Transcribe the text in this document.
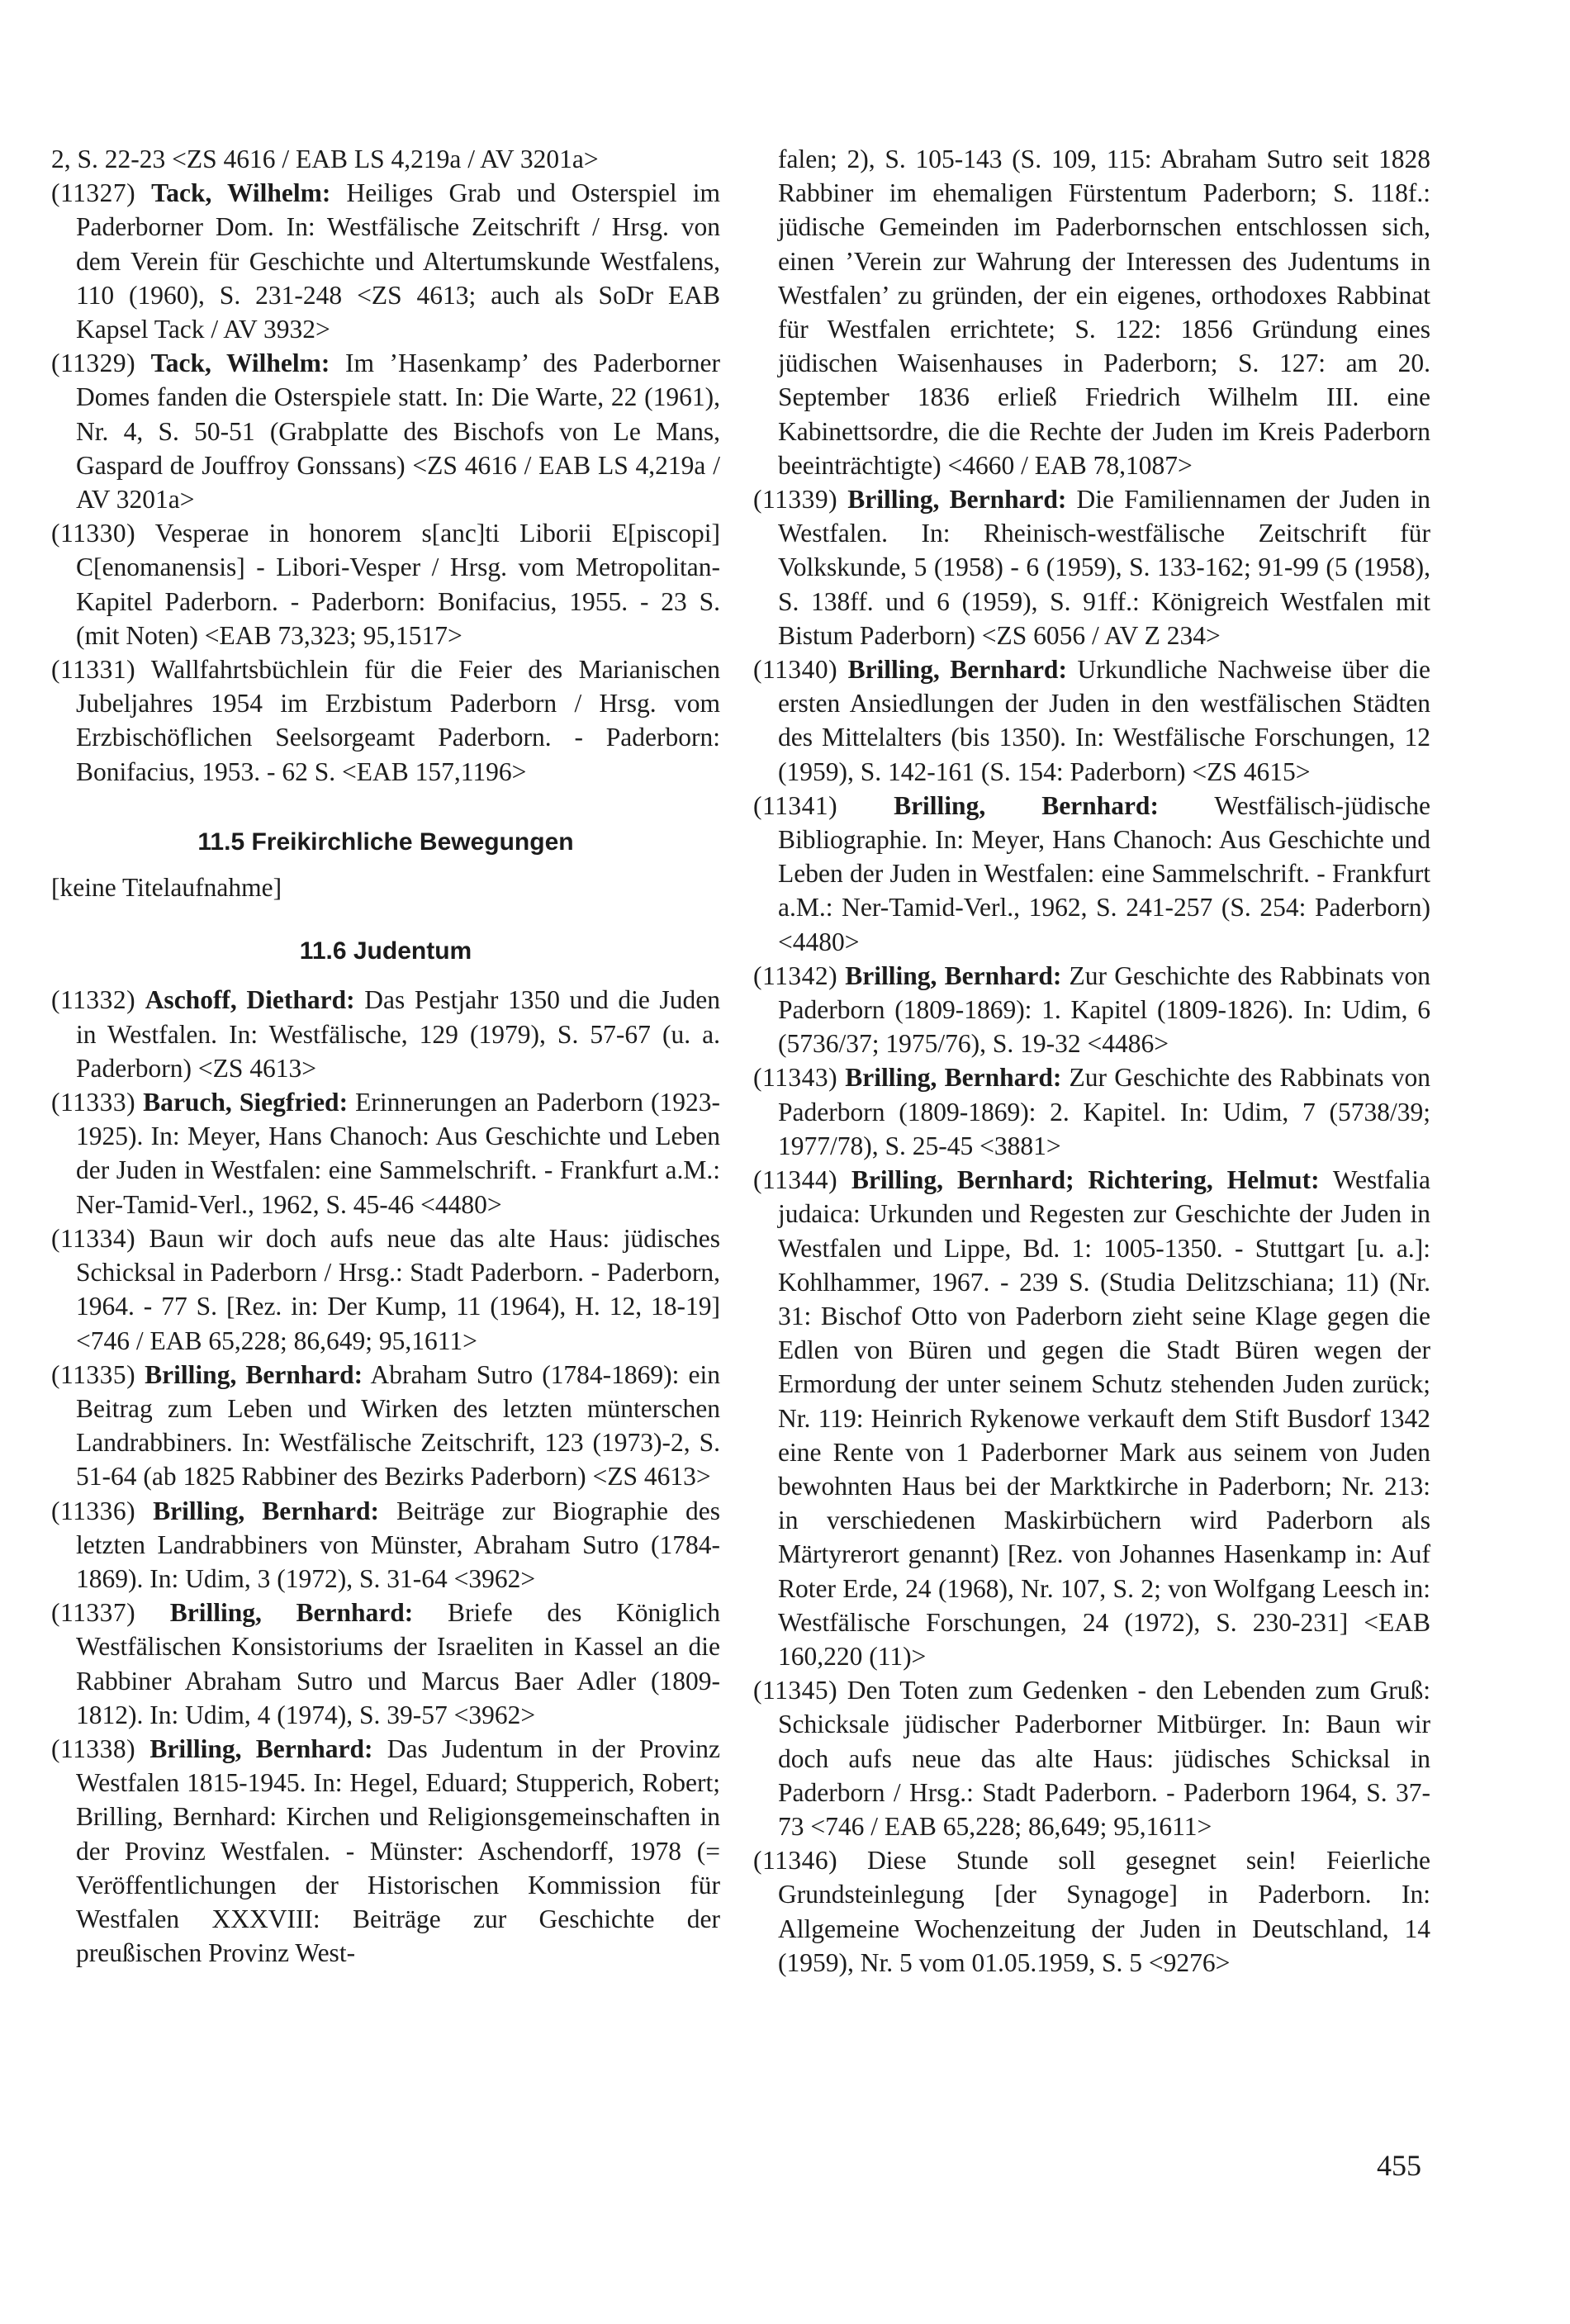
2, S. 22-23 <ZS 4616 / EAB LS 4,219a / AV 3201a>

(11327) Tack, Wilhelm: Heiliges Grab und Osterspiel im Paderborner Dom. In: Westfälische Zeitschrift / Hrsg. von dem Verein für Geschichte und Altertumskunde Westfalens, 110 (1960), S. 231-248 <ZS 4613; auch als SoDr EAB Kapsel Tack / AV 3932>

(11329) Tack, Wilhelm: Im ’Hasenkamp’ des Paderborner Domes fanden die Osterspiele statt. In: Die Warte, 22 (1961), Nr. 4, S. 50-51 (Grabplatte des Bischofs von Le Mans, Gaspard de Jouffroy Gonssans) <ZS 4616 / EAB LS 4,219a / AV 3201a>

(11330) Vesperae in honorem s[anc]ti Liborii E[piscopi] C[enomanensis] - Libori-Vesper / Hrsg. vom Metropolitan-Kapitel Paderborn. - Paderborn: Bonifacius, 1955. - 23 S. (mit Noten) <EAB 73,323; 95,1517>

(11331) Wallfahrtsbüchlein für die Feier des Marianischen Jubeljahres 1954 im Erzbistum Paderborn / Hrsg. vom Erzbischöflichen Seelsorgeamt Paderborn. - Paderborn: Bonifacius, 1953. - 62 S. <EAB 157,1196>

11.5 Freikirchliche Bewegungen

[keine Titelaufnahme]

11.6 Judentum

(11332) Aschoff, Diethard: Das Pestjahr 1350 und die Juden in Westfalen. In: Westfälische, 129 (1979), S. 57-67 (u. a. Paderborn) <ZS 4613>

(11333) Baruch, Siegfried: Erinnerungen an Paderborn (1923-1925). In: Meyer, Hans Chanoch: Aus Geschichte und Leben der Juden in Westfalen: eine Sammelschrift. - Frankfurt a.M.: Ner-Tamid-Verl., 1962, S. 45-46 <4480>

(11334) Baun wir doch aufs neue das alte Haus: jüdisches Schicksal in Paderborn / Hrsg.: Stadt Paderborn. - Paderborn, 1964. - 77 S. [Rez. in: Der Kump, 11 (1964), H. 12, 18-19] <746 / EAB 65,228; 86,649; 95,1611>

(11335) Brilling, Bernhard: Abraham Sutro (1784-1869): ein Beitrag zum Leben und Wirken des letzten münterschen Landrabbiners. In: Westfälische Zeitschrift, 123 (1973)-2, S. 51-64 (ab 1825 Rabbiner des Bezirks Paderborn) <ZS 4613>

(11336) Brilling, Bernhard: Beiträge zur Biographie des letzten Landrabbiners von Münster, Abraham Sutro (1784-1869). In: Udim, 3 (1972), S. 31-64 <3962>

(11337) Brilling, Bernhard: Briefe des Königlich Westfälischen Konsistoriums der Israeliten in Kassel an die Rabbiner Abraham Sutro und Marcus Baer Adler (1809-1812). In: Udim, 4 (1974), S. 39-57 <3962>

(11338) Brilling, Bernhard: Das Judentum in der Provinz Westfalen 1815-1945. In: Hegel, Eduard; Stupperich, Robert; Brilling, Bernhard: Kirchen und Religionsgemeinschaften in der Provinz Westfalen. - Münster: Aschendorff, 1978 (= Veröffentlichungen der Historischen Kommission für Westfalen XXXVIII: Beiträge zur Geschichte der preußischen Provinz West-

falen; 2), S. 105-143 (S. 109, 115: Abraham Sutro seit 1828 Rabbiner im ehemaligen Fürstentum Paderborn; S. 118f.: jüdische Gemeinden im Paderbornschen entschlossen sich, einen ’Verein zur Wahrung der Interessen des Judentums in Westfalen’ zu gründen, der ein eigenes, orthodoxes Rabbinat für Westfalen errichtete; S. 122: 1856 Gründung eines jüdischen Waisenhauses in Paderborn; S. 127: am 20. September 1836 erließ Friedrich Wilhelm III. eine Kabinettsordre, die die Rechte der Juden im Kreis Paderborn beeinträchtigte) <4660 / EAB 78,1087>

(11339) Brilling, Bernhard: Die Familiennamen der Juden in Westfalen. In: Rheinisch-westfälische Zeitschrift für Volkskunde, 5 (1958) - 6 (1959), S. 133-162; 91-99 (5 (1958), S. 138ff. und 6 (1959), S. 91ff.: Königreich Westfalen mit Bistum Paderborn) <ZS 6056 / AV Z 234>

(11340) Brilling, Bernhard: Urkundliche Nachweise über die ersten Ansiedlungen der Juden in den westfälischen Städten des Mittelalters (bis 1350). In: Westfälische Forschungen, 12 (1959), S. 142-161 (S. 154: Paderborn) <ZS 4615>

(11341) Brilling, Bernhard: Westfälisch-jüdische Bibliographie. In: Meyer, Hans Chanoch: Aus Geschichte und Leben der Juden in Westfalen: eine Sammelschrift. - Frankfurt a.M.: Ner-Tamid-Verl., 1962, S. 241-257 (S. 254: Paderborn) <4480>

(11342) Brilling, Bernhard: Zur Geschichte des Rabbinats von Paderborn (1809-1869): 1. Kapitel (1809-1826). In: Udim, 6 (5736/37; 1975/76), S. 19-32 <4486>

(11343) Brilling, Bernhard: Zur Geschichte des Rabbinats von Paderborn (1809-1869): 2. Kapitel. In: Udim, 7 (5738/39; 1977/78), S. 25-45 <3881>

(11344) Brilling, Bernhard; Richtering, Helmut: Westfalia judaica: Urkunden und Regesten zur Geschichte der Juden in Westfalen und Lippe, Bd. 1: 1005-1350. - Stuttgart [u. a.]: Kohlhammer, 1967. - 239 S. (Studia Delitzschiana; 11) (Nr. 31: Bischof Otto von Paderborn zieht seine Klage gegen die Edlen von Büren und gegen die Stadt Büren wegen der Ermordung der unter seinem Schutz stehenden Juden zurück; Nr. 119: Heinrich Rykenowe verkauft dem Stift Busdorf 1342 eine Rente von 1 Paderborner Mark aus seinem von Juden bewohnten Haus bei der Marktkirche in Paderborn; Nr. 213: in verschiedenen Maskirbüchern wird Paderborn als Märtyrerort genannt) [Rez. von Johannes Hasenkamp in: Auf Roter Erde, 24 (1968), Nr. 107, S. 2; von Wolfgang Leesch in: Westfälische Forschungen, 24 (1972), S. 230-231] <EAB 160,220 (11)>

(11345) Den Toten zum Gedenken - den Lebenden zum Gruß: Schicksale jüdischer Paderborner Mitbürger. In: Baun wir doch aufs neue das alte Haus: jüdisches Schicksal in Paderborn / Hrsg.: Stadt Paderborn. - Paderborn 1964, S. 37-73 <746 / EAB 65,228; 86,649; 95,1611>

(11346) Diese Stunde soll gesegnet sein! Feierliche Grundsteinlegung [der Synagoge] in Paderborn. In: Allgemeine Wochenzeitung der Juden in Deutschland, 14 (1959), Nr. 5 vom 01.05.1959, S. 5 <9276>

455
